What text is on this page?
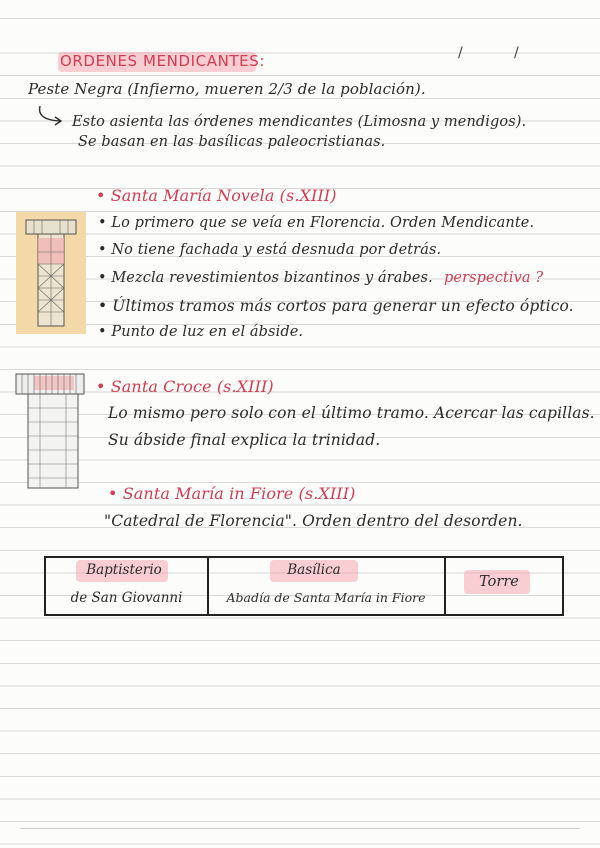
ORDENES MENDICANTES:	/	/
Peste Negra (Infierno, mueren 2/3 de la población).
Esto asienta las órdenes mendicantes (Limosna y mendigos).
Se basan en las basílicas paleocristianas.
• Santa María Novela (s.XIII)
• Lo primero que se veía en Florencia. Orden Mendicante.
• No tiene fachada y está desnuda por detrás.
• Mezcla revestimientos bizantinos y árabes. perspectiva ?
• Últimos tramos más cortos para generar un efecto óptico.
• Punto de luz en el ábside.
• Santa Croce (s.XIII)
Lo mismo pero solo con el último tramo. Acercar las capillas.
Su ábside final explica la trinidad.
• Santa María in Fiore (s.XIII)
"Catedral de Florencia". Orden dentro del desorden.
Baptisterio
de San Giovanni
Basílica
Abadía de Santa María in Fiore
Torre
